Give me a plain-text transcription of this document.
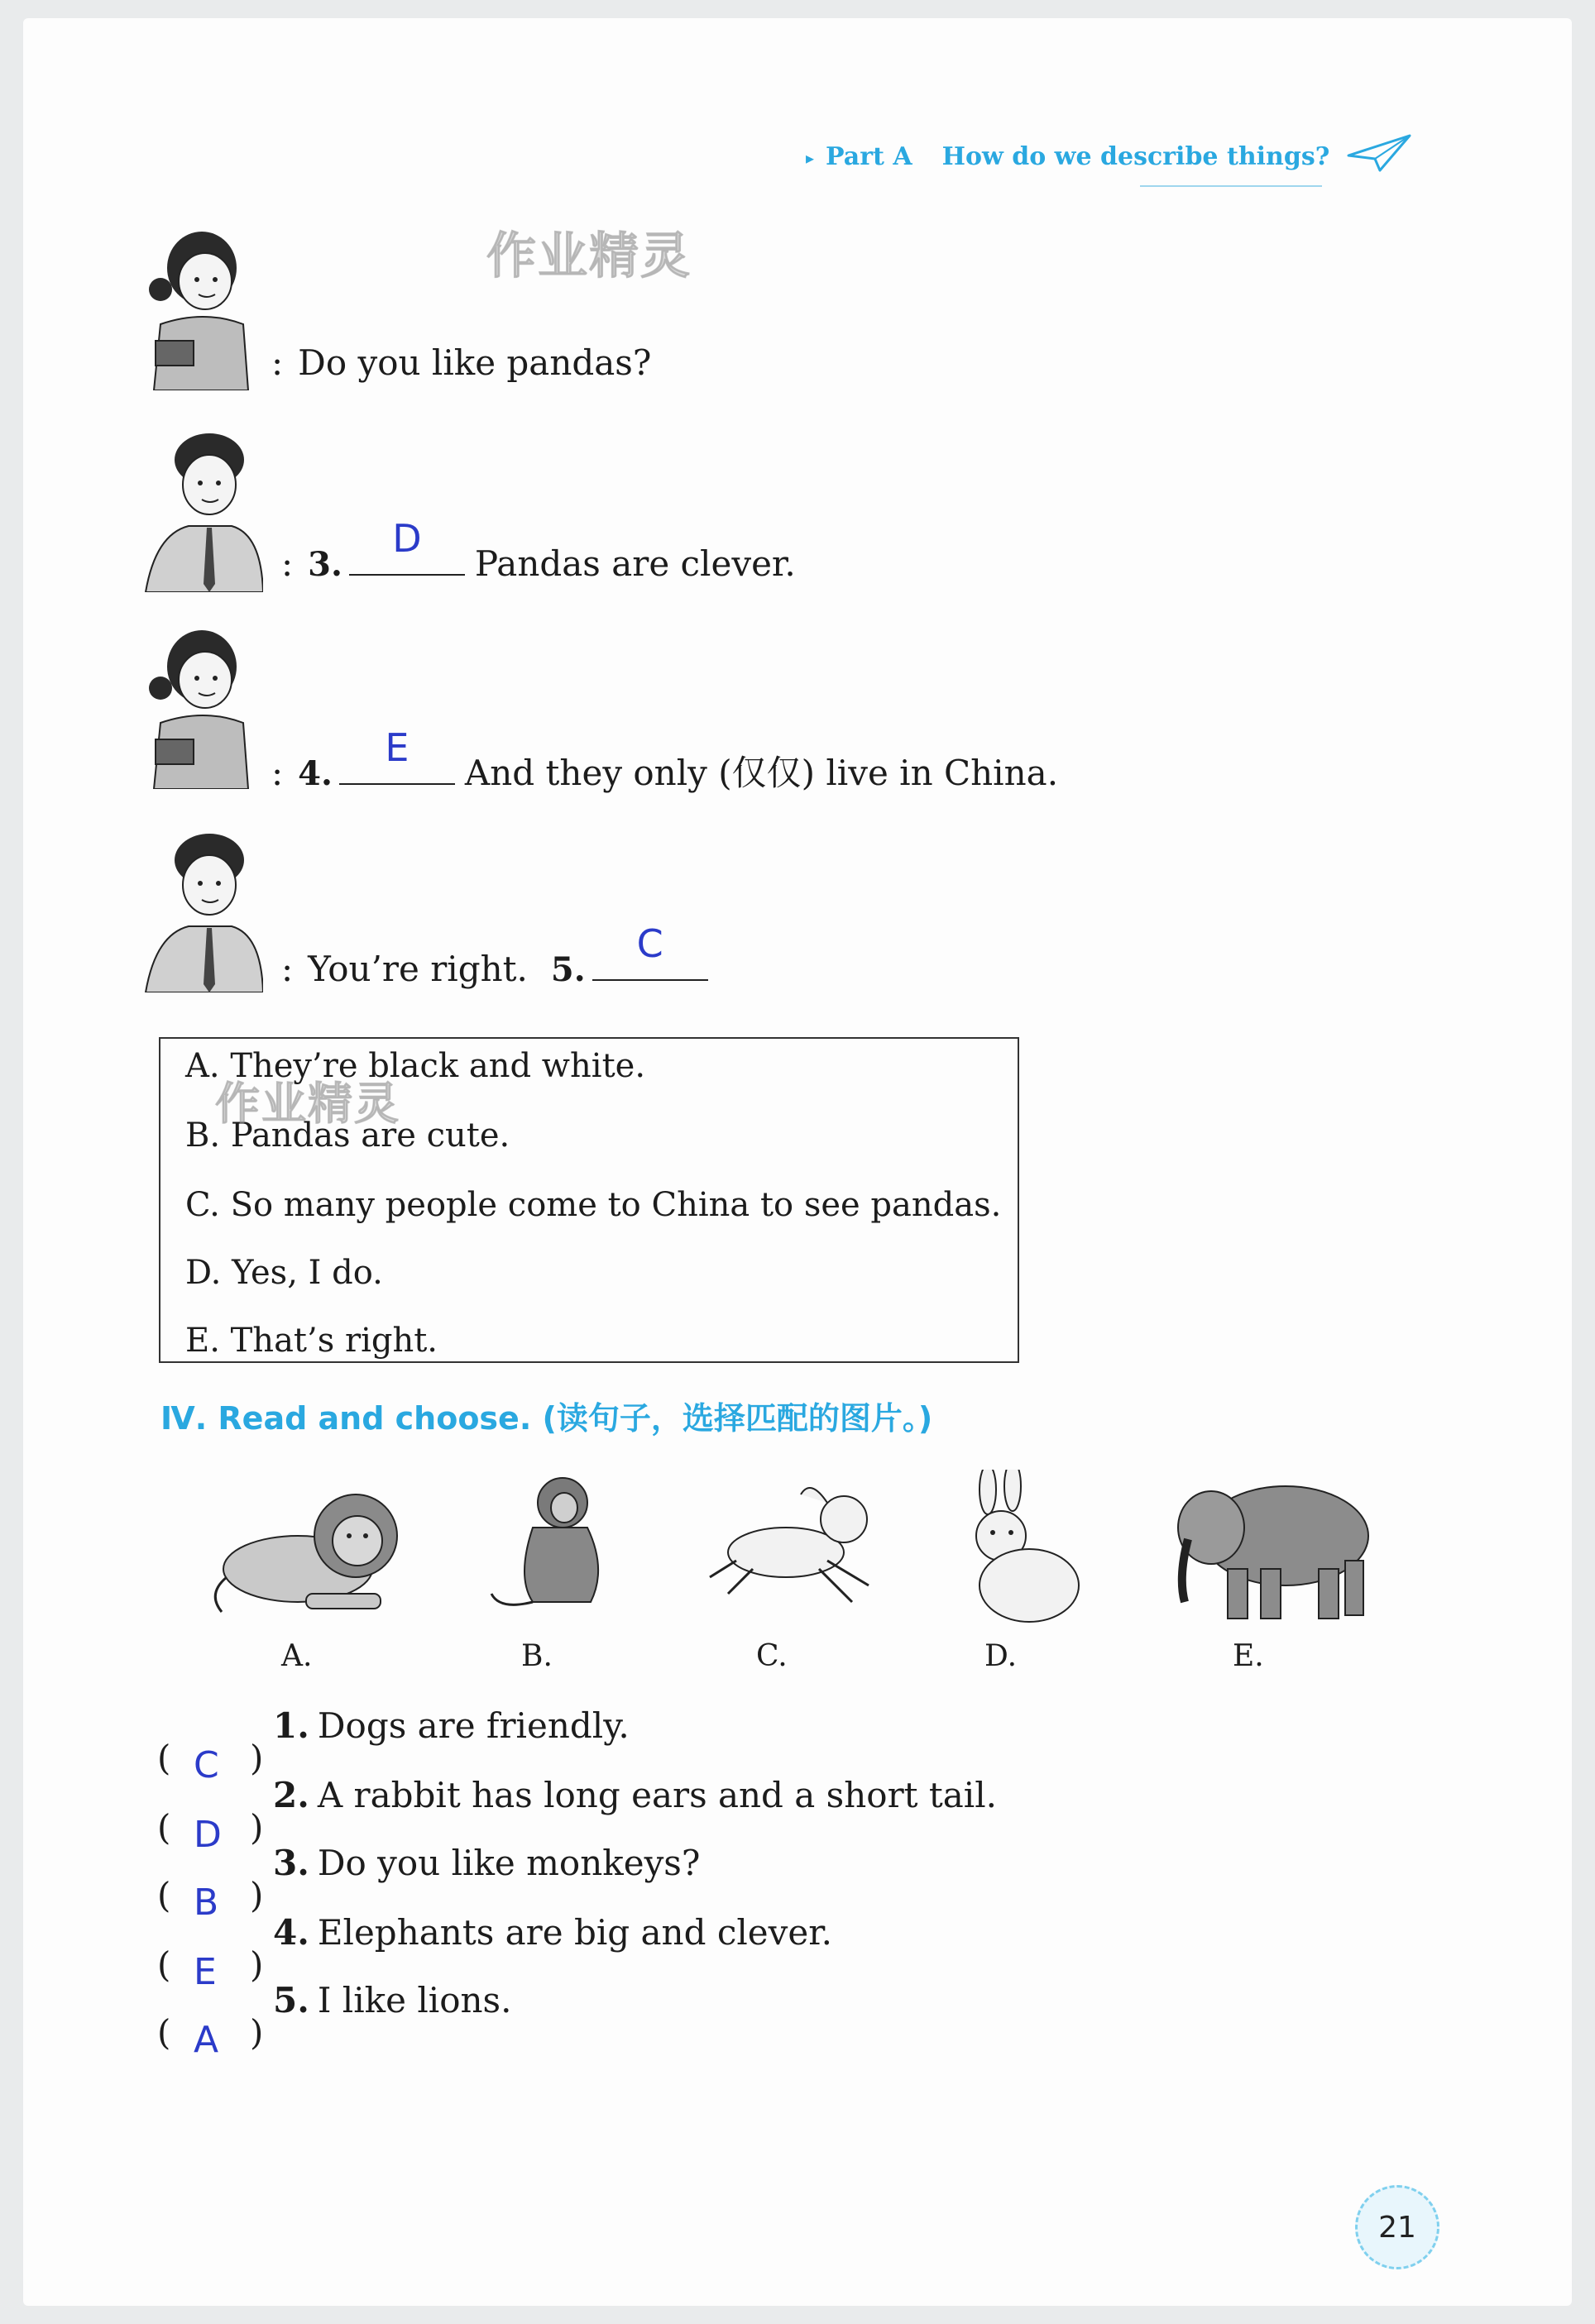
▸ Part A How do we describe things?
作业精灵
: Do you like pandas?
: 3.
D
Pandas are clever.
: 4.
E
And they only (仅仅) live in China.
: You’re right. 5.
C
A. They’re black and white.
B. Pandas are cute.
C. So many people come to China to see pandas.
D. Yes, I do.
E. That’s right.
作业精灵
Ⅳ. Read and choose. (读句子，选择匹配的图片。)
A.	B.	C.	D.	E.
( C )
1. Dogs are friendly.
( D )
2. A rabbit has long ears and a short tail.
( B )
3. Do you like monkeys?
( E )
4. Elephants are big and clever.
( A )
5. I like lions.
21
